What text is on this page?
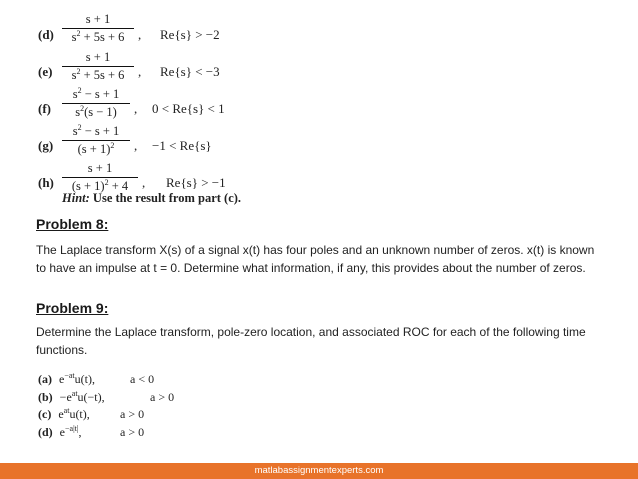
(d)
s + 1
$s^2 + 5s + 6$	, Re{s} > −2
(e)
s + 1
$s^2 + 5s + 6$	, Re{s} < −3
(f)
$s^2 - s + 1$
$s^2(s - 1)$	, 0 < Re{s} < 1
(g)
$s^2 - s + 1$
$(s + 1)^2$	, −1 < Re{s}
(h)
s + 1
$(s + 1)^2 + 4$	, Re{s} > −1
Hint: Use the result from part (c).
Problem 8:
The Laplace transform X(s) of a signal x(t) has four poles and an unknown number of zeros. x(t) is known to have an impulse at t = 0. Determine what information, if any, this provides about the number of zeros.
Problem 9:
Determine the Laplace transform, pole-zero location, and associated ROC for each of the following time functions.
(a) $e^{-at}u(t)$,	a < 0
$(b) -e^{at}u(-t)$,	a > 0
(c) $e^{at}u(t)$,	a > 0
(d) $e^{-a|t|}$,	a > 0
matlabassignmentexperts.com
